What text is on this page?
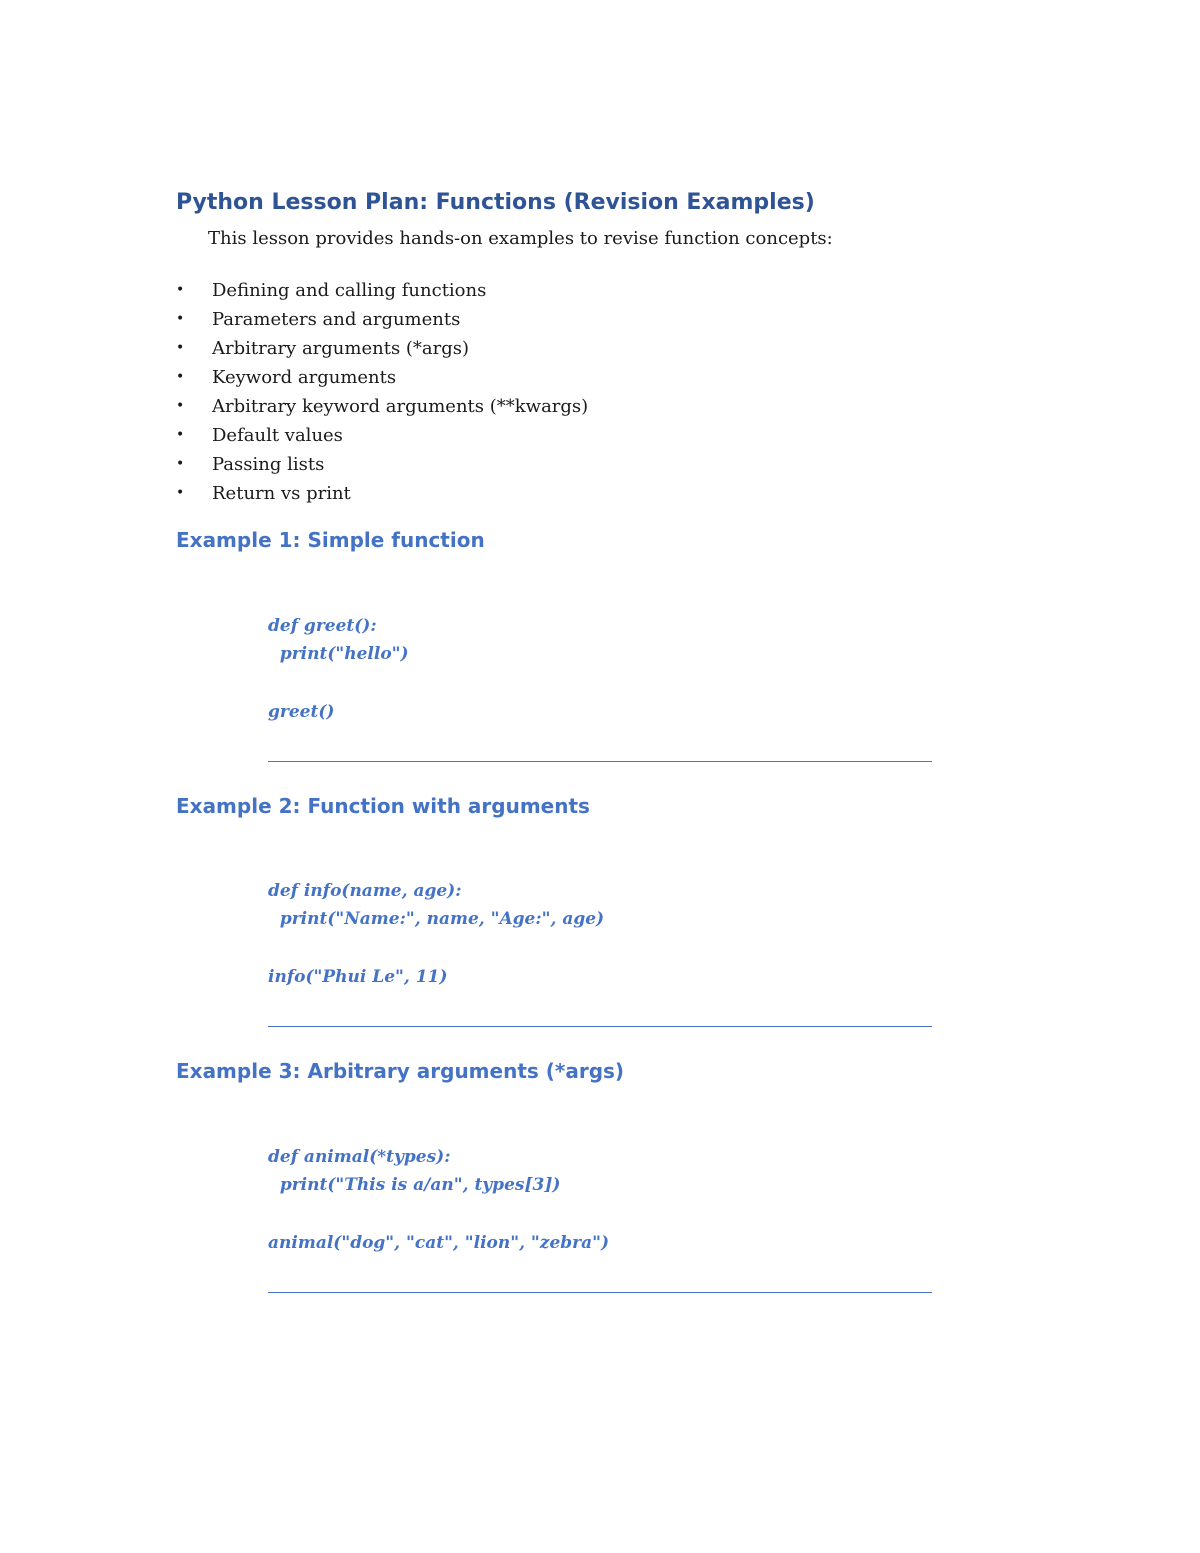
Python Lesson Plan: Functions (Revision Examples)

This lesson provides hands-on examples to revise function concepts:

• Defining and calling functions
• Parameters and arguments
• Arbitrary arguments (*args)
• Keyword arguments
• Arbitrary keyword arguments (**kwargs)
• Default values
• Passing lists
• Return vs print
Example 1: Simple function
def greet():
print("hello")
greet()
Example 2: Function with arguments
def info(name, age):
print("Name:", name, "Age:", age)
info("Phui Le", 11)
Example 3: Arbitrary arguments (*args)
def animal(*types):
print("This is a/an", types[3])
animal("dog", "cat", "lion", "zebra")
